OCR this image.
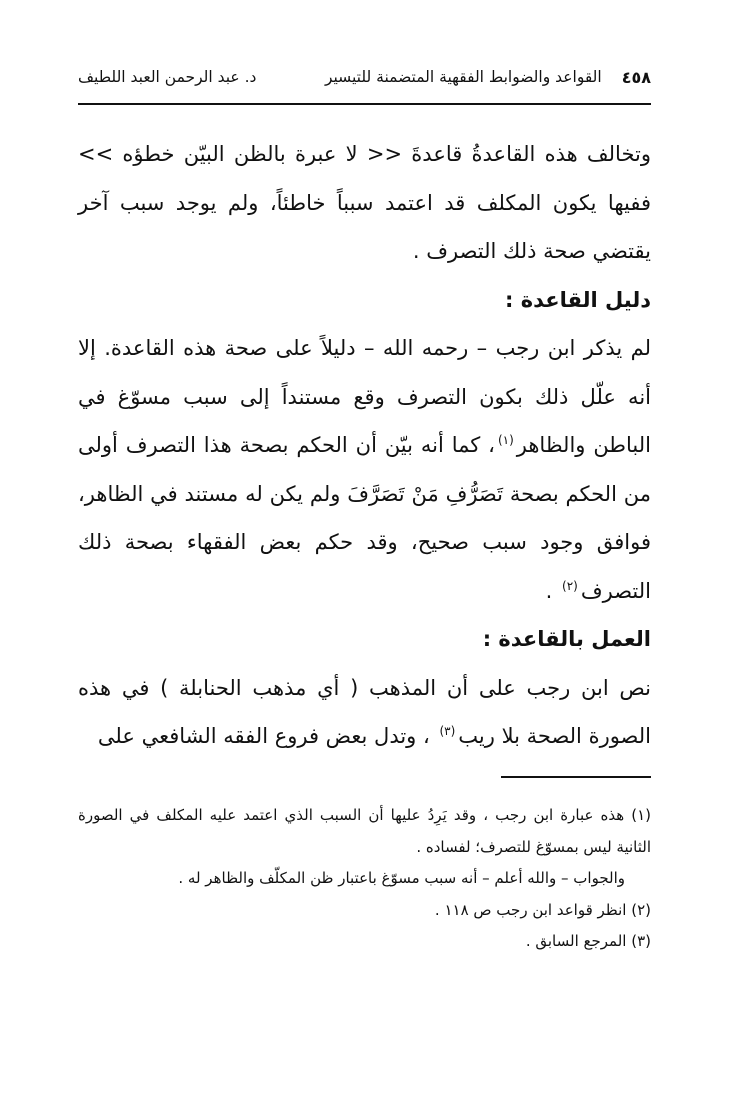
٤٥٨
القواعد والضوابط الفقهية المتضمنة للتيسير
د. عبد الرحمن العبد اللطيف

وتخالف هذه القاعدةُ قاعدةَ << لا عبرة بالظن البيّن خطؤه >> ففيها يكون المكلف قد اعتمد سبباً خاطئاً، ولم يوجد سبب آخر يقتضي صحة ذلك التصرف .

دليل القاعدة :

لم يذكر ابن رجب – رحمه الله – دليلاً على صحة هذه القاعدة. إلا أنه علّل ذلك بكون التصرف وقع مستنداً إلى سبب مسوّغ في الباطن والظاهر$^{(١)}$، كما أنه بيّن أن الحكم بصحة هذا التصرف أولى من الحكم بصحة تَصَرُّفِ مَنْ تَصَرَّفَ ولم يكن له مستند في الظاهر، فوافق وجود سبب صحيح، وقد حكم بعض الفقهاء بصحة ذلك التصرف$^{(٢)}$ .

العمل بالقاعدة :

نص ابن رجب على أن المذهب ( أي مذهب الحنابلة ) في هذه الصورة الصحة بلا ريب$^{(٣)}$ ، وتدل بعض فروع الفقه الشافعي على

(١) هذه عبارة ابن رجب ، وقد يَرِدُ عليها أن السبب الذي اعتمد عليه المكلف في الصورة الثانية ليس بمسوّغ للتصرف؛ لفساده .

والجواب – والله أعلم – أنه سبب مسوّغ باعتبار ظن المكلّف والظاهر له .

(٢) انظر قواعد ابن رجب ص ١١٨ .

(٣) المرجع السابق .
